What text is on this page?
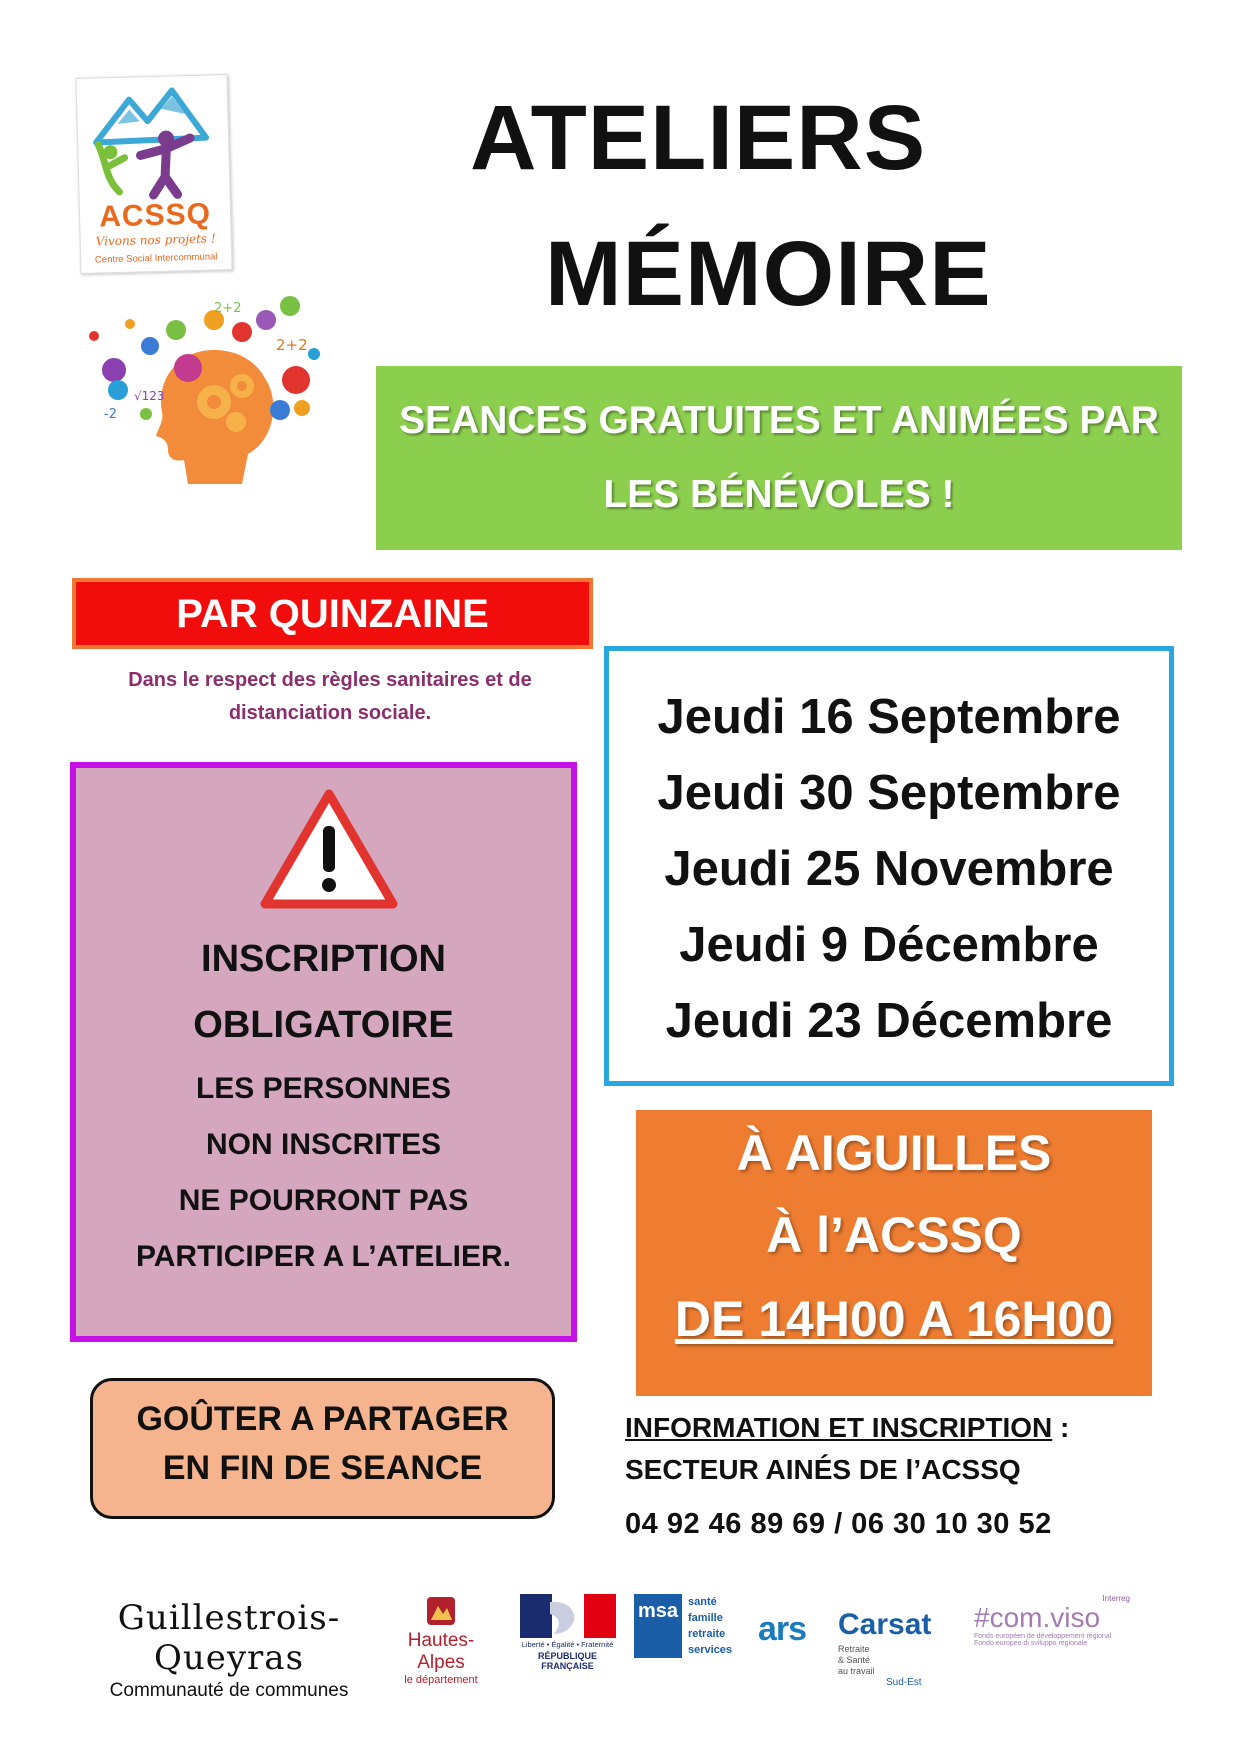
ACSSQ
Vivons nos projets !
Centre Social Intercommunal
2+2
2+2
-2
√123
ATELIERS
MÉMOIRE
SEANCES GRATUITES ET ANIMÉES PAR
LES BÉNÉVOLES !
PAR QUINZAINE
Dans le respect des règles sanitaires et de
distanciation sociale.	Jeudi 16 Septembre
Jeudi 30 Septembre
Jeudi 25 Novembre
Jeudi 9 Décembre
Jeudi 23 Décembre
INSCRIPTION
OBLIGATOIRE
LES PERSONNES
NON INSCRITES
NE POURRONT PAS
PARTICIPER A L’ATELIER.
À AIGUILLES
À l’ACSSQ
DE 14H00 A 16H00
GOÛTER A PARTAGER
EN FIN DE SEANCE
INFORMATION ET INSCRIPTION :
SECTEUR AINÉS DE l’ACSSQ
04 92 46 89 69 / 06 30 10 30 52
Guillestrois-Queyras
Communauté de communes
Hautes-Alpes
le département
Liberté • Égalité • Fraternité
RÉPUBLIQUE FRANÇAISE
msa santé
famille
retraite
services
ars	Carsat
Retraite
& Santé
au travail
Sud-Est
Interreg
#com.viso
Fonds européen de développement régional
Fondo europeo di sviluppo regionale
